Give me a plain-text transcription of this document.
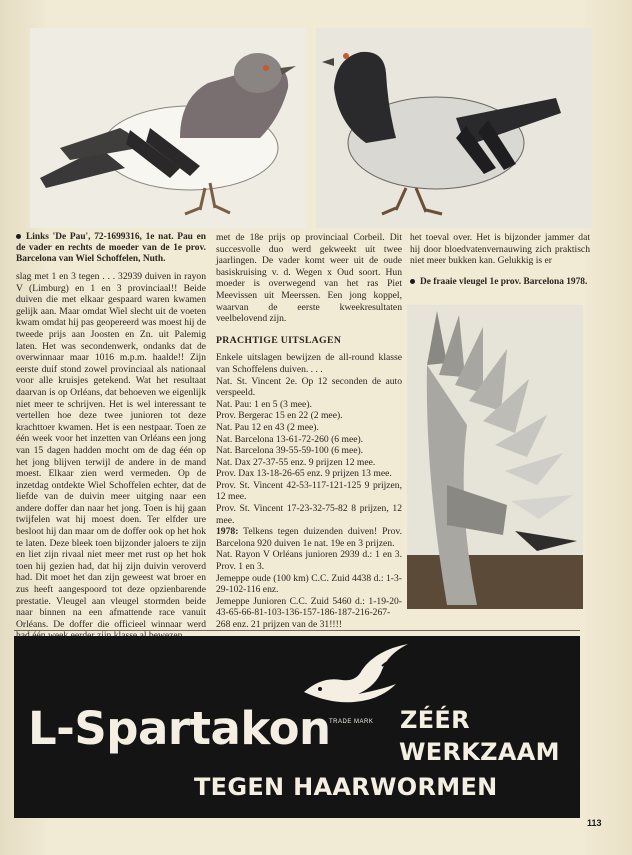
Links 'De Pau', 72-1699316, 1e nat. Pau en de vader en rechts de moeder van de 1e prov. Barcelona van Wiel Schoffelen, Nuth.

slag met 1 en 3 tegen . . . 32939 duiven in rayon V (Limburg) en 1 en 3 provinciaal!! Beide duiven die met elkaar gespaard waren kwamen gelijk aan. Maar omdat Wiel slecht uit de voeten kwam omdat hij pas geopereerd was moest hij de tweede prijs aan Joosten en Zn. uit Palemig laten. Het was secondenwerk, ondanks dat de overwinnaar maar 1016 m.p.m. haalde!! Zijn eerste duif stond zowel provinciaal als nationaal voor alle kruisjes getekend. Wat het resultaat daarvan is op Orléans, dat behoeven we eigenlijk niet meer te schrijven. Het is wel interessant te vertellen hoe deze twee junioren tot deze krachttoer kwamen. Het is een nestpaar. Toen ze één week voor het inzetten van Orléans een jong van 15 dagen hadden mocht om de dag één op het jong blijven terwijl de andere in de mand moest. Elkaar zien werd vermeden. Op de inzetdag ontdekte Wiel Schoffelen echter, dat de liefde van de duivin meer uitging naar een andere doffer dan naar het jong. Toen is hij gaan twijfelen wat hij moest doen. Ter elfder ure besloot hij dan maar om de doffer ook op het hok te laten. Deze bleek toen bijzonder jaloers te zijn en liet zijn rivaal niet meer met rust op het hok toen hij gezien had, dat hij zijn duivin veroverd had. Dit moet het dan zijn geweest wat broer en zus heeft aangespoord tot deze opzienbarende prestatie. Vleugel aan vleugel stormden beide naar binnen na een afmattende race vanuit Orléans. De doffer die officieel winnaar werd

met de 18e prijs op provinciaal Corbeil. Dit succesvolle duo werd gekweekt uit twee jaarlingen. De vader komt weer uit de oude basiskruising v. d. Wegen x Oud soort. Hun moeder is overwegend van het ras Piet Meevissen uit Meerssen. Een jong koppel, waarvan de eerste kweekresultaten veelbelovend zijn.

PRACHTIGE UITSLAGEN

Enkele uitslagen bewijzen de all-round klasse van Schoffelens duiven. . . .

Nat. St. Vincent 2e. Op 12 seconden de auto verspeeld.

Nat. Pau: 1 en 5 (3 mee).

Prov. Bergerac 15 en 22 (2 mee).

Nat. Pau 12 en 43 (2 mee).

Nat. Barcelona 13-61-72-260 (6 mee).

Nat. Barcelona 39-55-59-100 (6 mee).

Nat. Dax 27-37-55 enz. 9 prijzen 12 mee.

Prov. Dax 13-18-26-65 enz. 9 prijzen 13 mee.

Prov. St. Vincent 42-53-117-121-125 9 prijzen, 12 mee.

Prov. St. Vincent 17-23-32-75-82 8 prijzen, 12 mee.

1978: Telkens tegen duizenden duiven! Prov. Barcelona 920 duiven 1e nat. 19e en 3 prijzen.

Nat. Rayon V Orléans junioren 2939 d.: 1 en 3. Prov. 1 en 3.

Jemeppe oude (100 km) C.C. Zuid 4438 d.: 1-3-29-102-116 enz.

Jemeppe Junioren C.C. Zuid 5460 d.: 1-19-20-43-65-66-81-103-136-157-186-187-216-267-268 enz. 21 prijzen van de 31!!!!

het toeval over. Het is bijzonder jammer dat hij door bloedvatenvernauwing zich praktisch niet meer bukken kan. Gelukkig is er

De fraaie vleugel 1e prov. Barcelona 1978.

TRADE MARK
L-Spartakon	ZÉÉR
WERKZAAM
TEGEN HAARWORMEN
113
